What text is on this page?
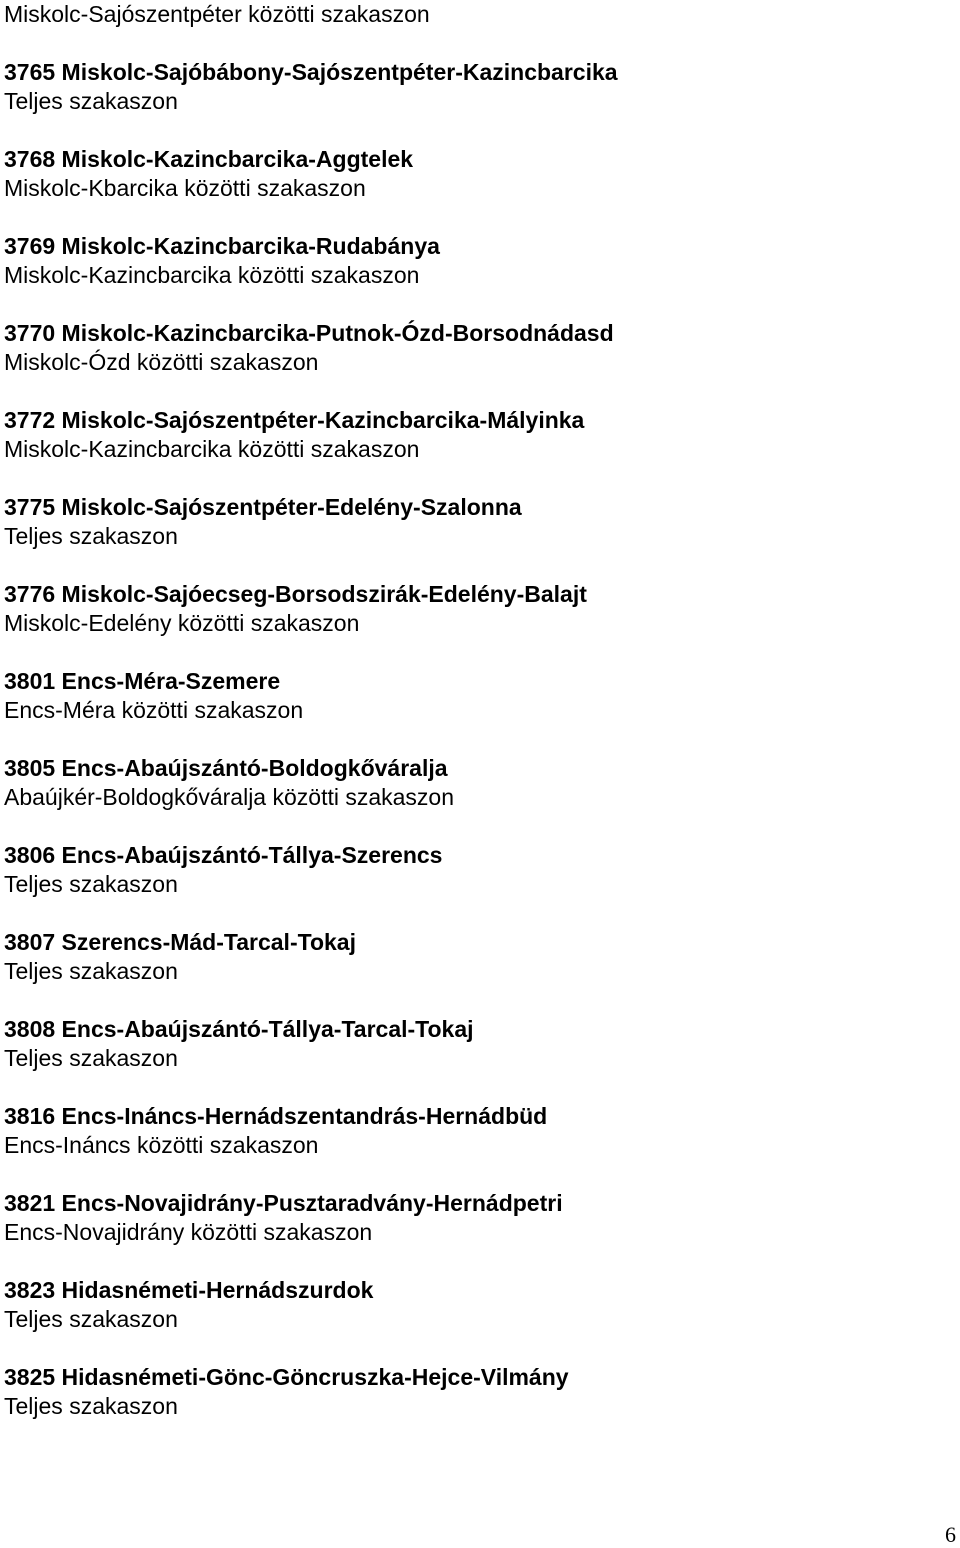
Miskolc-Sajószentpéter közötti szakaszon
3765 Miskolc-Sajóbábony-Sajószentpéter-Kazincbarcika
Teljes szakaszon
3768 Miskolc-Kazincbarcika-Aggtelek
Miskolc-Kbarcika közötti szakaszon
3769 Miskolc-Kazincbarcika-Rudabánya
Miskolc-Kazincbarcika közötti szakaszon
3770 Miskolc-Kazincbarcika-Putnok-Ózd-Borsodnádasd
Miskolc-Ózd közötti szakaszon
3772 Miskolc-Sajószentpéter-Kazincbarcika-Mályinka
Miskolc-Kazincbarcika közötti szakaszon
3775 Miskolc-Sajószentpéter-Edelény-Szalonna
Teljes szakaszon
3776 Miskolc-Sajóecseg-Borsodszirák-Edelény-Balajt
Miskolc-Edelény közötti szakaszon
3801 Encs-Méra-Szemere
Encs-Méra közötti szakaszon
3805 Encs-Abaújszántó-Boldogkőváralja
Abaújkér-Boldogkőváralja közötti szakaszon
3806 Encs-Abaújszántó-Tállya-Szerencs
Teljes szakaszon
3807 Szerencs-Mád-Tarcal-Tokaj
Teljes szakaszon
3808 Encs-Abaújszántó-Tállya-Tarcal-Tokaj
Teljes szakaszon
3816 Encs-Ináncs-Hernádszentandrás-Hernádbüd
Encs-Ináncs közötti szakaszon
3821 Encs-Novajidrány-Pusztaradvány-Hernádpetri
Encs-Novajidrány közötti szakaszon
3823 Hidasnémeti-Hernádszurdok
Teljes szakaszon
3825 Hidasnémeti-Gönc-Göncruszka-Hejce-Vilmány
Teljes szakaszon
6
